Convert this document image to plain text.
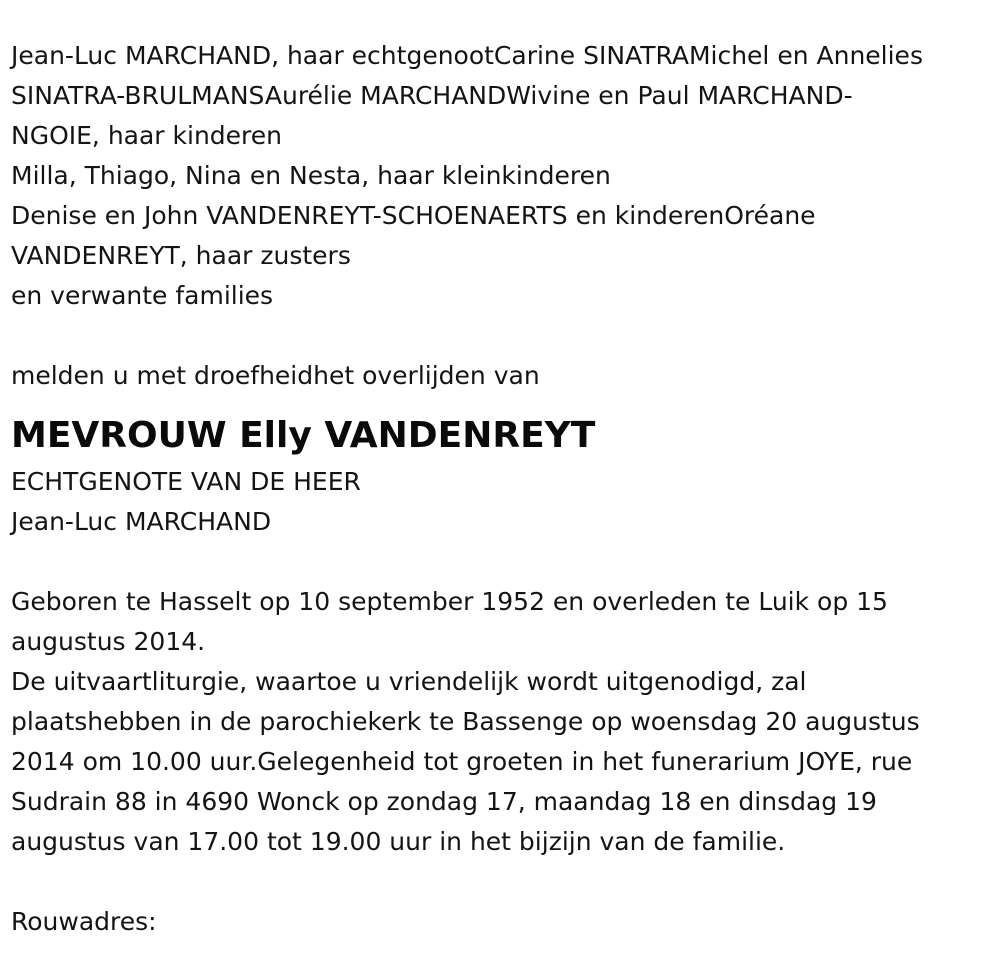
Jean-Luc MARCHAND, haar echtgenootCarine SINATRAMichel en Annelies
SINATRA-BRULMANSAurélie MARCHANDWivine en Paul MARCHAND-
NGOIE, haar kinderen
Milla, Thiago, Nina en Nesta, haar kleinkinderen
Denise en John VANDENREYT-SCHOENAERTS en kinderenOréane
VANDENREYT, haar zusters
en verwante families
melden u met droefheidhet overlijden van
MEVROUW Elly VANDENREYT
ECHTGENOTE VAN DE HEER
Jean-Luc MARCHAND
Geboren te Hasselt op 10 september 1952 en overleden te Luik op 15
augustus 2014.
De uitvaartliturgie, waartoe u vriendelijk wordt uitgenodigd, zal
plaatshebben in de parochiekerk te Bassenge op woensdag 20 augustus
2014 om 10.00 uur.Gelegenheid tot groeten in het funerarium JOYE, rue
Sudrain 88 in 4690 Wonck op zondag 17, maandag 18 en dinsdag 19
augustus van 17.00 tot 19.00 uur in het bijzijn van de familie.
Rouwadres:
